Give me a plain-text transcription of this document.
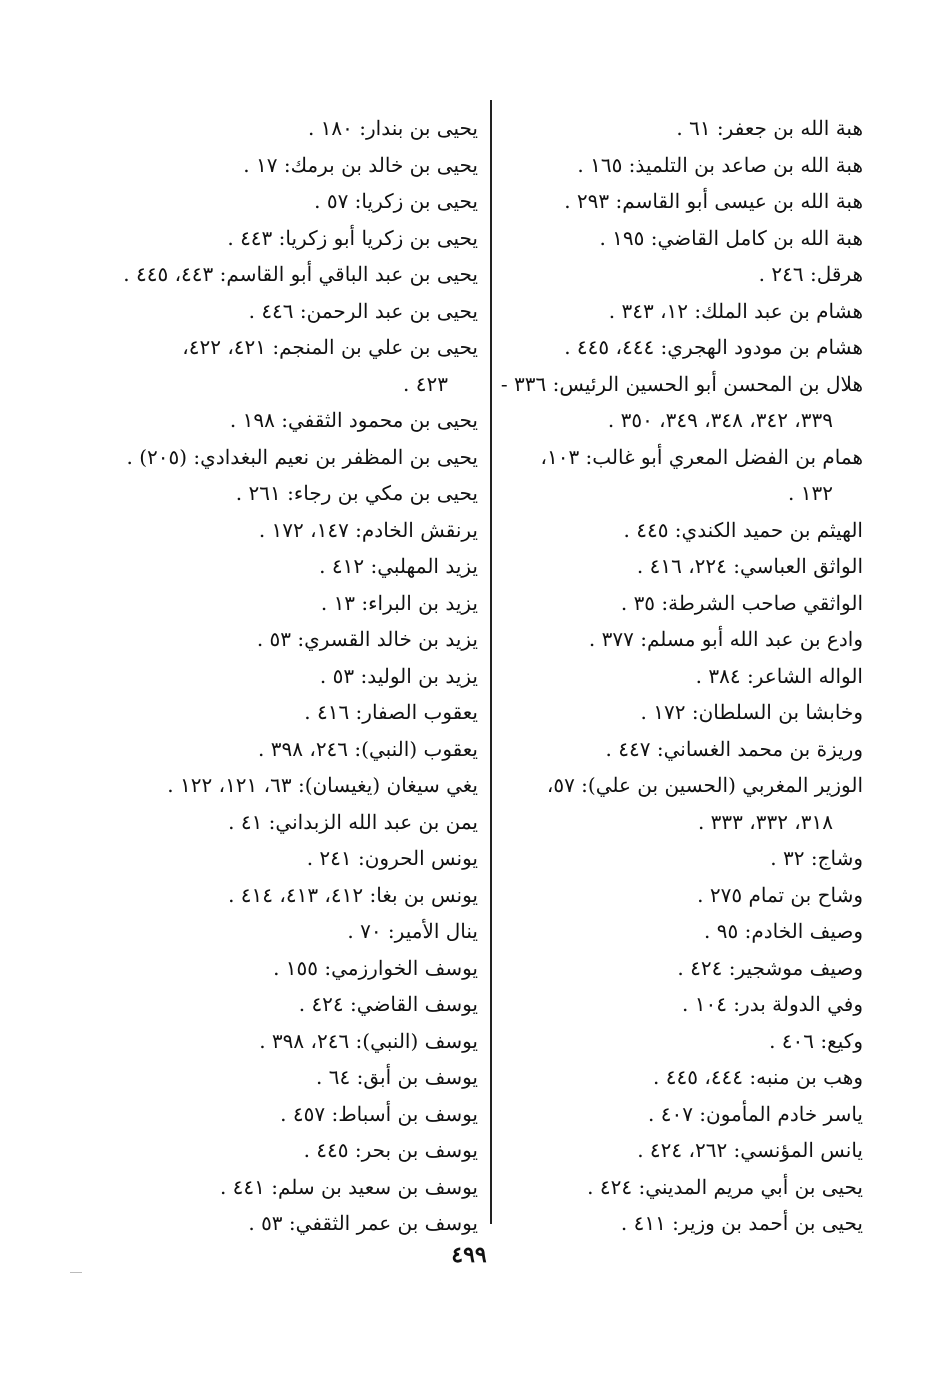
هبة الله بن جعفر: ٦١ .
هبة الله بن صاعد بن التلميذ: ١٦٥ .
هبة الله بن عيسى أبو القاسم: ٢٩٣ .
هبة الله بن كامل القاضي: ١٩٥ .
هرقل: ٢٤٦ .
هشام بن عبد الملك: ١٢، ٣٤٣ .
هشام بن مودود الهجري: ٤٤٤، ٤٤٥ .
هلال بن المحسن أبو الحسين الرئيس: ٣٣٦ -
٣٣٩، ٣٤٢، ٣٤٨، ٣٤٩، ٣٥٠ .
همام بن الفضل المعري أبو غالب: ١٠٣،
١٣٢ .
الهيثم بن حميد الكندي: ٤٤٥ .
الواثق العباسي: ٢٢٤، ٤١٦ .
الواثقي صاحب الشرطة: ٣٥ .
وادع بن عبد الله أبو مسلم: ٣٧٧ .
الواله الشاعر: ٣٨٤ .
وخابشا بن السلطان: ١٧٢ .
وريزة بن محمد الغساني: ٤٤٧ .
الوزير المغربي (الحسين بن علي): ٥٧،
٣١٨، ٣٣٢، ٣٣٣ .
وشاج: ٣٢ .
وشاح بن تمام ٢٧٥ .
وصيف الخادم: ٩٥ .
وصيف موشجير: ٤٢٤ .
وفي الدولة بدر: ١٠٤ .
وكيع: ٤٠٦ .
وهب بن منبه: ٤٤٤، ٤٤٥ .
ياسر خادم المأمون: ٤٠٧ .
يانس المؤنسي: ٢٦٢، ٤٢٤ .
يحيى بن أبي مريم المديني: ٤٢٤ .
يحيى بن أحمد بن وزير: ٤١١ .
يحيى بن بندار: ١٨٠ .
يحيى بن خالد بن برمك: ١٧ .
يحيى بن زكريا: ٥٧ .
يحيى بن زكريا أبو زكريا: ٤٤٣ .
يحيى بن عبد الباقي أبو القاسم: ٤٤٣، ٤٤٥ .
يحيى بن عبد الرحمن: ٤٤٦ .
يحيى بن علي بن المنجم: ٤٢١، ٤٢٢،
٤٢٣ .
يحيى بن محمود الثقفي: ١٩٨ .
يحيى بن المظفر بن نعيم البغدادي: (٢٠٥) .
يحيى بن مكي بن رجاء: ٢٦١ .
يرنقش الخادم: ١٤٧، ١٧٢ .
يزيد المهلبي: ٤١٢ .
يزيد بن البراء: ١٣ .
يزيد بن خالد القسري: ٥٣ .
يزيد بن الوليد: ٥٣ .
يعقوب الصفار: ٤١٦ .
يعقوب (النبي): ٢٤٦، ٣٩٨ .
يغي سيغان (يغيسان): ٦٣، ١٢١، ١٢٢ .
يمن بن عبد الله الزبداني: ٤١ .
يونس الحرون: ٢٤١ .
يونس بن بغا: ٤١٢، ٤١٣، ٤١٤ .
ينال الأمير: ٧٠ .
يوسف الخوارزمي: ١٥٥ .
يوسف القاضي: ٤٢٤ .
يوسف (النبي): ٢٤٦، ٣٩٨ .
يوسف بن أبق: ٦٤ .
يوسف بن أسباط: ٤٥٧ .
يوسف بن بحر: ٤٤٥ .
يوسف بن سعيد بن سلم: ٤٤١ .
يوسف بن عمر الثقفي: ٥٣ .
٤٩٩
